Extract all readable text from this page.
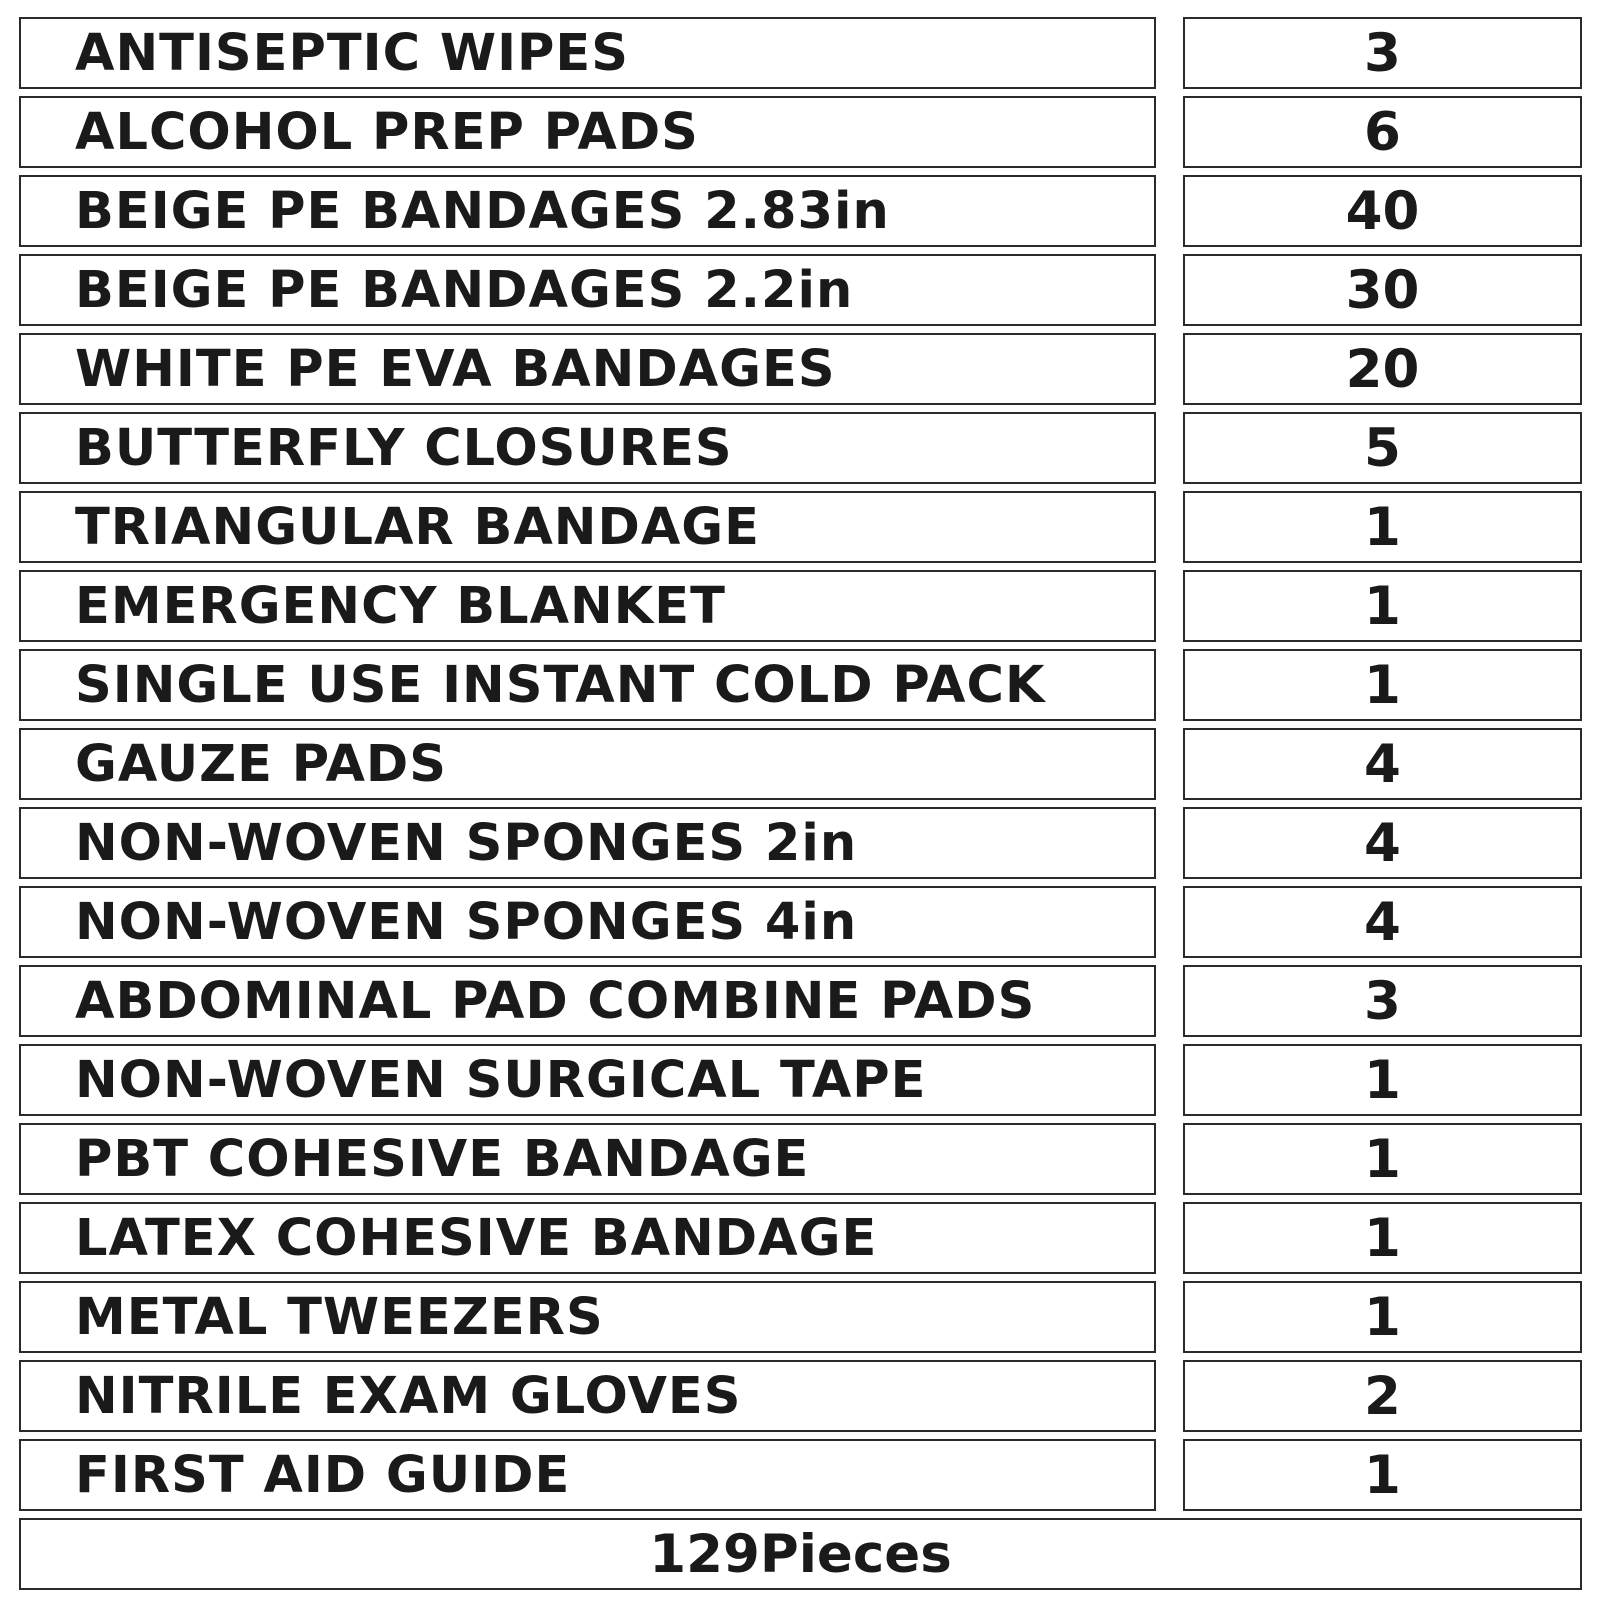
ANTISEPTIC WIPES	3
ALCOHOL PREP PADS	6
BEIGE PE BANDAGES 2.83in	40
BEIGE PE BANDAGES 2.2in	30
WHITE PE EVA BANDAGES	20
BUTTERFLY CLOSURES	5
TRIANGULAR BANDAGE	1
EMERGENCY BLANKET	1
SINGLE USE INSTANT COLD PACK	1
GAUZE PADS	4
NON-WOVEN SPONGES 2in	4
NON-WOVEN SPONGES 4in	4
ABDOMINAL PAD COMBINE PADS	3
NON-WOVEN SURGICAL TAPE	1
PBT COHESIVE BANDAGE	1
LATEX COHESIVE BANDAGE	1
METAL TWEEZERS	1
NITRILE EXAM GLOVES	2
FIRST AID GUIDE	1
129Pieces
